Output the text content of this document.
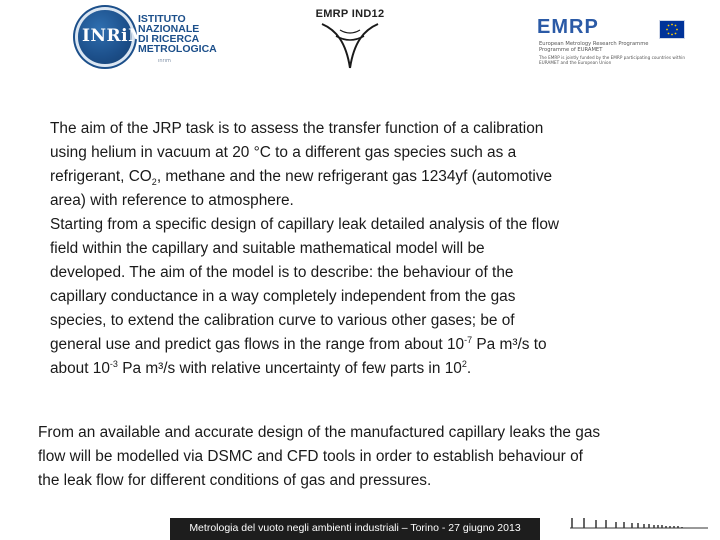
INRiM
ISTITUTO
NAZIONALE
DI RICERCA
METROLOGICA
ınrım
EMRP IND12
EMRP
European Metrology Research Programme
Programme of EURAMET
The EMRP is jointly funded by the EMRP participating countries within EURAMET and the European Union
The aim of the JRP task is to assess the transfer function of a calibration
using helium in vacuum at 20 °C to a different gas species such as a
refrigerant, $CO_2$, methane and the new refrigerant gas 1234yf (automotive
area) with reference to atmosphere.
Starting from a specific design of capillary leak detailed analysis of the flow
field within the capillary and suitable mathematical model will be
developed. The aim of the model is to describe: the behaviour of the
capillary conductance in a way completely independent from the gas
species, to extend the calibration curve to various other gases; be of
general use and predict gas flows in the range from about $10^{-7}$ Pa m³/s to
about $10^{-3}$ Pa m³/s with relative uncertainty of few parts in $10^2$.
From an available and accurate design of the manufactured capillary leaks the gas
flow will be modelled via DSMC and CFD tools in order to establish behaviour of
the leak flow for different conditions of gas and pressures.
Metrologia del vuoto negli ambienti industriali – Torino - 27 giugno 2013
